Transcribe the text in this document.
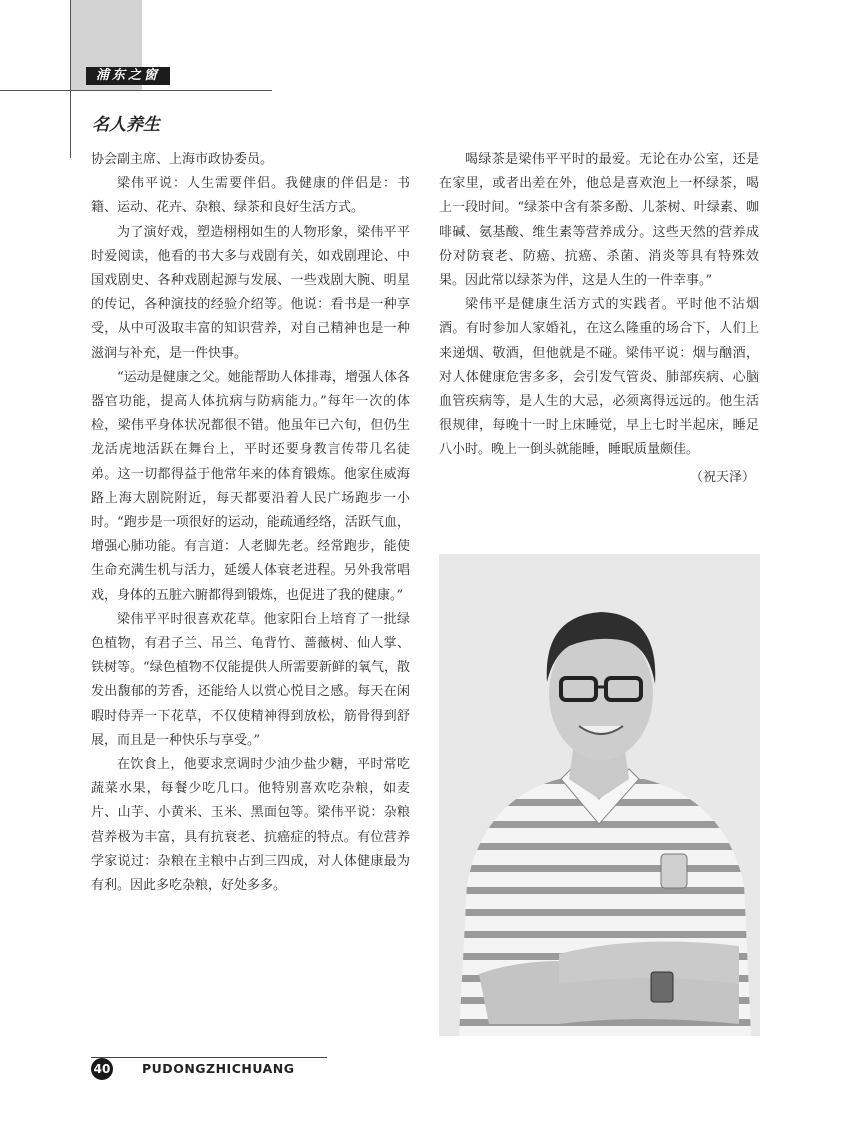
浦东之窗
名人养生

协会副主席、上海市政协委员。

梁伟平说：人生需要伴侣。我健康的伴侣是：书籍、运动、花卉、杂粮、绿茶和良好生活方式。

为了演好戏，塑造栩栩如生的人物形象，梁伟平平时爱阅读，他看的书大多与戏剧有关，如戏剧理论、中国戏剧史、各种戏剧起源与发展、一些戏剧大腕、明星的传记，各种演技的经验介绍等。他说：看书是一种享受，从中可汲取丰富的知识营养，对自己精神也是一种滋润与补充，是一件快事。

“运动是健康之父。她能帮助人体排毒，增强人体各器官功能，提高人体抗病与防病能力。”每年一次的体检，梁伟平身体状况都很不错。他虽年已六旬，但仍生龙活虎地活跃在舞台上，平时还要身教言传带几名徒弟。这一切都得益于他常年来的体育锻炼。他家住威海路上海大剧院附近，每天都要沿着人民广场跑步一小时。“跑步是一项很好的运动，能疏通经络，活跃气血，增强心肺功能。有言道：人老脚先老。经常跑步，能使生命充满生机与活力，延缓人体衰老进程。另外我常唱戏，身体的五脏六腑都得到锻炼，也促进了我的健康。”

梁伟平平时很喜欢花草。他家阳台上培育了一批绿色植物，有君子兰、吊兰、龟背竹、蔷薇树、仙人掌、铁树等。“绿色植物不仅能提供人所需要新鲜的氧气，散发出馥郁的芳香，还能给人以赏心悦目之感。每天在闲暇时侍弄一下花草，不仅使精神得到放松，筋骨得到舒展，而且是一种快乐与享受。”

在饮食上，他要求烹调时少油少盐少糖，平时常吃蔬菜水果，每餐少吃几口。他特别喜欢吃杂粮，如麦片、山芋、小黄米、玉米、黑面包等。梁伟平说：杂粮营养极为丰富，具有抗衰老、抗癌症的特点。有位营养学家说过：杂粮在主粮中占到三四成，对人体健康最为有利。因此多吃杂粮，好处多多。

喝绿茶是梁伟平平时的最爱。无论在办公室，还是在家里，或者出差在外，他总是喜欢泡上一杯绿茶，喝上一段时间。“绿茶中含有茶多酚、儿茶树、叶绿素、咖啡碱、氨基酸、维生素等营养成分。这些天然的营养成份对防衰老、防癌、抗癌、杀菌、消炎等具有特殊效果。因此常以绿茶为伴，这是人生的一件幸事。”

梁伟平是健康生活方式的实践者。平时他不沾烟酒。有时参加人家婚礼，在这么隆重的场合下，人们上来递烟、敬酒，但他就是不碰。梁伟平说：烟与酗酒，对人体健康危害多多，会引发气管炎、肺部疾病、心脑血管疾病等，是人生的大忌，必须离得远远的。他生活很规律，每晚十一时上床睡觉，早上七时半起床，睡足八小时。晚上一倒头就能睡，睡眠质量颇佳。

（祝天泽）

40	PUDONGZHICHUANG
